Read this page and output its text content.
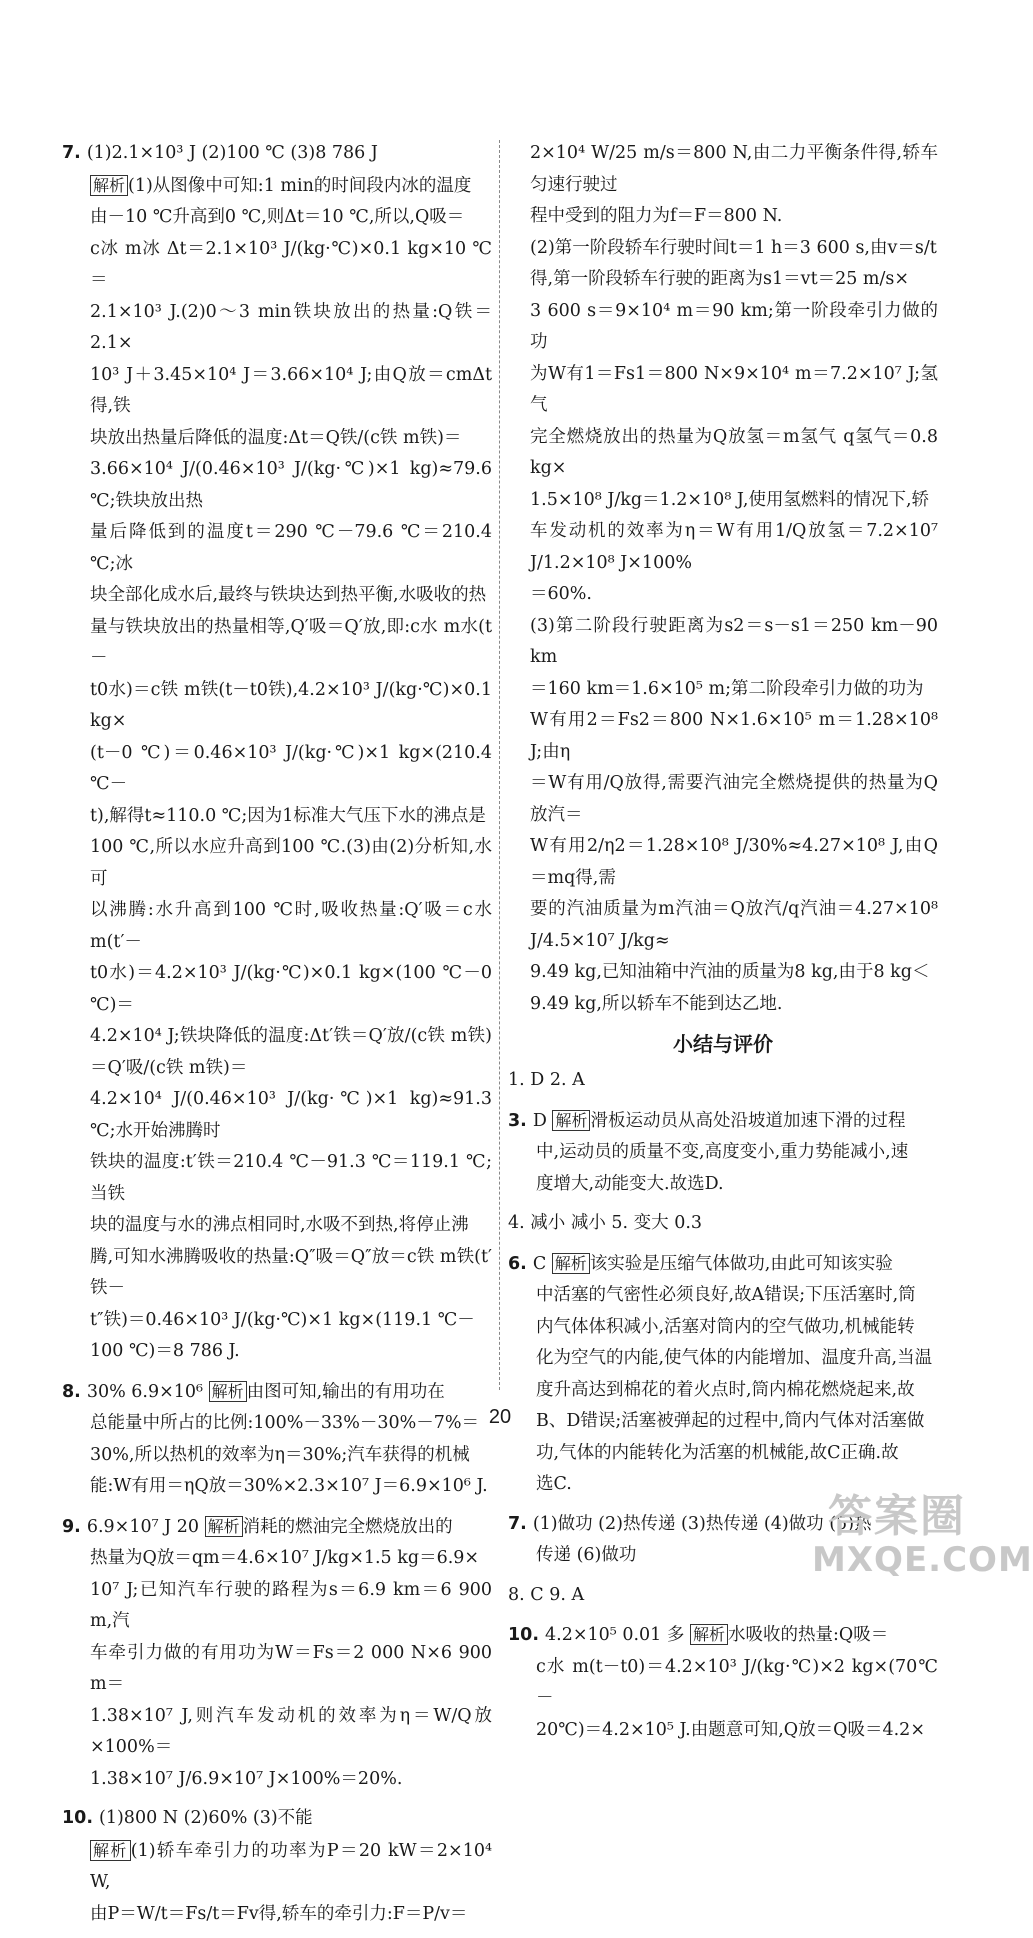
7. (1)2.1×10³ J (2)100 ℃ (3)8 786 J
解析 (1)从图像中可知:1 min的时间段内冰的温度
由－10 ℃升高到0 ℃,则Δt＝10 ℃,所以,Q吸＝
c冰 m冰 Δt＝2.1×10³ J/(kg·℃)×0.1 kg×10 ℃＝
2.1×10³ J.(2)0～3 min铁块放出的热量:Q铁＝2.1×
10³ J＋3.45×10⁴ J＝3.66×10⁴ J;由Q放＝cmΔt得,铁
块放出热量后降低的温度:Δt＝Q铁/(c铁 m铁)＝
3.66×10⁴ J/(0.46×10³ J/(kg·℃)×1 kg)≈79.6 ℃;铁块放出热
量后降低到的温度t＝290 ℃－79.6 ℃＝210.4 ℃;冰
块全部化成水后,最终与铁块达到热平衡,水吸收的热
量与铁块放出的热量相等,Q′吸＝Q′放,即:c水 m水(t－
t0水)＝c铁 m铁(t－t0铁),4.2×10³ J/(kg·℃)×0.1 kg×
(t－0 ℃)＝0.46×10³ J/(kg·℃)×1 kg×(210.4 ℃－
t),解得t≈110.0 ℃;因为1标准大气压下水的沸点是
100 ℃,所以水应升高到100 ℃.(3)由(2)分析知,水可
以沸腾:水升高到100 ℃时,吸收热量:Q′吸＝c水 m(t′－
t0水)＝4.2×10³ J/(kg·℃)×0.1 kg×(100 ℃－0 ℃)＝
4.2×10⁴ J;铁块降低的温度:Δt′铁＝Q′放/(c铁 m铁)＝Q′吸/(c铁 m铁)＝
4.2×10⁴ J/(0.46×10³ J/(kg·℃)×1 kg)≈91.3 ℃;水开始沸腾时
铁块的温度:t′铁＝210.4 ℃－91.3 ℃＝119.1 ℃;当铁
块的温度与水的沸点相同时,水吸不到热,将停止沸
腾,可知水沸腾吸收的热量:Q″吸＝Q″放＝c铁 m铁(t′铁－
t″铁)＝0.46×10³ J/(kg·℃)×1 kg×(119.1 ℃－
100 ℃)＝8 786 J.
8. 30% 6.9×10⁶ 解析 由图可知,输出的有用功在
总能量中所占的比例:100%－33%－30%－7%＝
30%,所以热机的效率为η＝30%;汽车获得的机械
能:W有用＝ηQ放＝30%×2.3×10⁷ J＝6.9×10⁶ J.
9. 6.9×10⁷ J 20 解析 消耗的燃油完全燃烧放出的
热量为Q放＝qm＝4.6×10⁷ J/kg×1.5 kg＝6.9×
10⁷ J;已知汽车行驶的路程为s＝6.9 km＝6 900 m,汽
车牵引力做的有用功为W＝Fs＝2 000 N×6 900 m＝
1.38×10⁷ J,则汽车发动机的效率为η＝W/Q放×100%＝
1.38×10⁷ J/6.9×10⁷ J×100%＝20%.
10. (1)800 N (2)60% (3)不能
解析 (1)轿车牵引力的功率为P＝20 kW＝2×10⁴ W,
由P＝W/t＝Fs/t＝Fv得,轿车的牵引力:F＝P/v＝
2×10⁴ W/25 m/s＝800 N,由二力平衡条件得,轿车匀速行驶过
程中受到的阻力为f＝F＝800 N.
(2)第一阶段轿车行驶时间t＝1 h＝3 600 s,由v＝s/t
得,第一阶段轿车行驶的距离为s1＝vt＝25 m/s×
3 600 s＝9×10⁴ m＝90 km;第一阶段牵引力做的功
为W有1＝Fs1＝800 N×9×10⁴ m＝7.2×10⁷ J;氢气
完全燃烧放出的热量为Q放氢＝m氢气 q氢气＝0.8 kg×
1.5×10⁸ J/kg＝1.2×10⁸ J,使用氢燃料的情况下,轿
车发动机的效率为η＝W有用1/Q放氢＝7.2×10⁷ J/1.2×10⁸ J×100%
＝60%.
(3)第二阶段行驶距离为s2＝s－s1＝250 km－90 km
＝160 km＝1.6×10⁵ m;第二阶段牵引力做的功为
W有用2＝Fs2＝800 N×1.6×10⁵ m＝1.28×10⁸ J;由η
＝W有用/Q放得,需要汽油完全燃烧提供的热量为Q放汽＝
W有用2/η2＝1.28×10⁸ J/30%≈4.27×10⁸ J,由Q＝mq得,需
要的汽油质量为m汽油＝Q放汽/q汽油＝4.27×10⁸ J/4.5×10⁷ J/kg≈
9.49 kg,已知油箱中汽油的质量为8 kg,由于8 kg＜
9.49 kg,所以轿车不能到达乙地.
小结与评价
1. D 2. A
3. D 解析 滑板运动员从高处沿坡道加速下滑的过程
中,运动员的质量不变,高度变小,重力势能减小,速
度增大,动能变大.故选D.
4. 减小 减小 5. 变大 0.3
6. C 解析 该实验是压缩气体做功,由此可知该实验
中活塞的气密性必须良好,故A错误;下压活塞时,筒
内气体体积减小,活塞对筒内的空气做功,机械能转
化为空气的内能,使气体的内能增加、温度升高,当温
度升高达到棉花的着火点时,筒内棉花燃烧起来,故
B、D错误;活塞被弹起的过程中,筒内气体对活塞做
功,气体的内能转化为活塞的机械能,故C正确.故
选C.
7. (1)做功 (2)热传递 (3)热传递 (4)做功 (5)热
传递 (6)做功
8. C 9. A
10. 4.2×10⁵ 0.01 多 解析 水吸收的热量:Q吸＝
c水 m(t－t0)＝4.2×10³ J/(kg·℃)×2 kg×(70℃－
20℃)＝4.2×10⁵ J.由题意可知,Q放＝Q吸＝4.2×
20
答案圈
MXQE.COM
